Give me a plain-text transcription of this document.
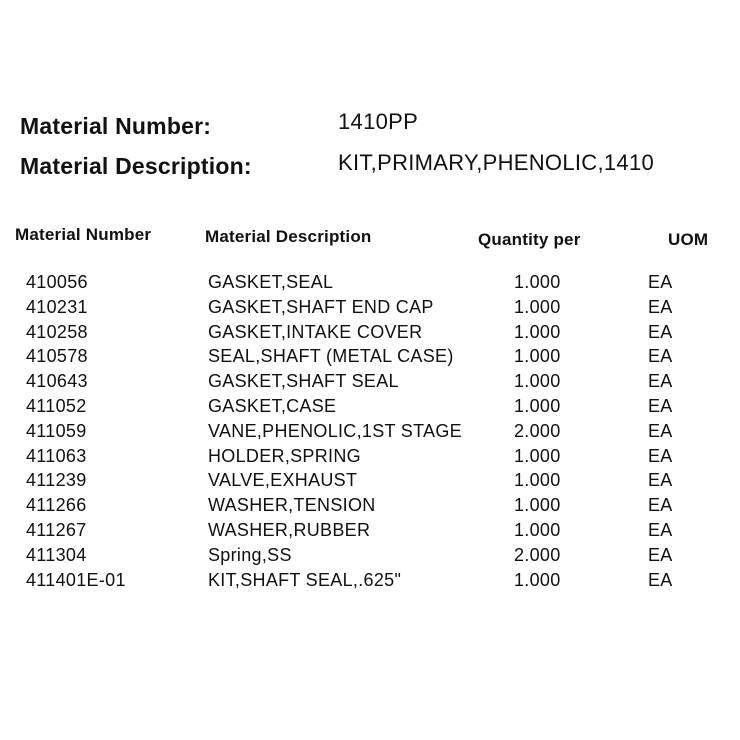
Material Number:	1410PP
Material Description:	KIT,PRIMARY,PHENOLIC,1410
Material Number	Material Description	Quantity per	UOM
410056	GASKET,SEAL	1.000	EA
410231	GASKET,SHAFT END CAP	1.000	EA
410258	GASKET,INTAKE COVER	1.000	EA
410578	SEAL,SHAFT (METAL CASE)	1.000	EA
410643	GASKET,SHAFT SEAL	1.000	EA
411052	GASKET,CASE	1.000	EA
411059	VANE,PHENOLIC,1ST STAGE	2.000	EA
411063	HOLDER,SPRING	1.000	EA
411239	VALVE,EXHAUST	1.000	EA
411266	WASHER,TENSION	1.000	EA
411267	WASHER,RUBBER	1.000	EA
411304	Spring,SS	2.000	EA
411401E-01	KIT,SHAFT SEAL,.625"	1.000	EA
